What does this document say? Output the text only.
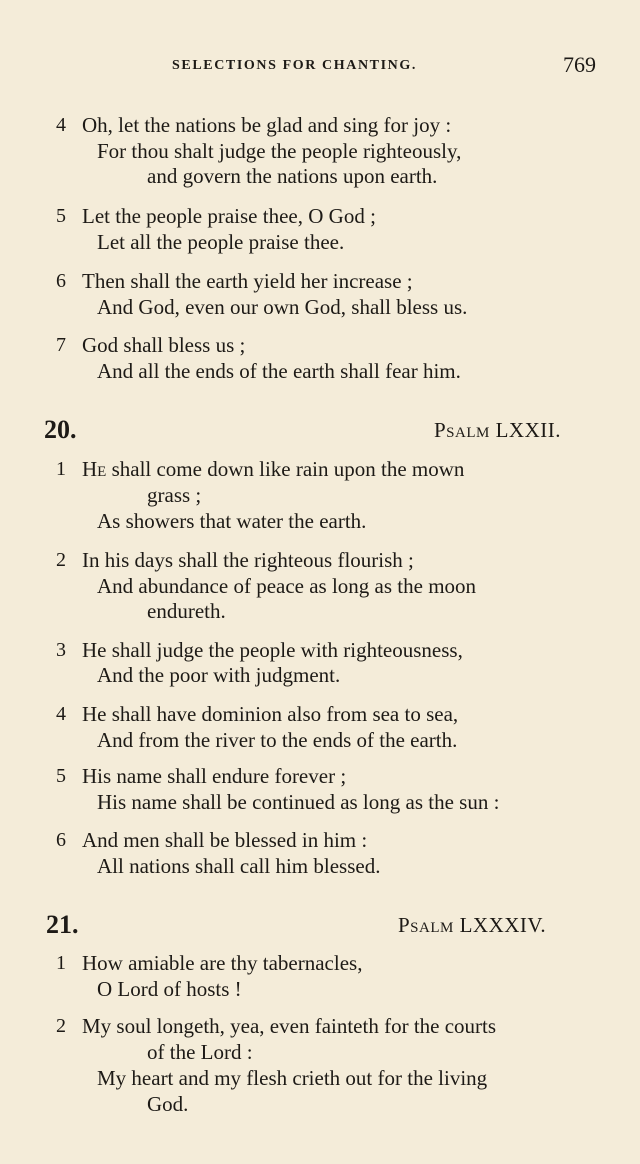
SELECTIONS FOR CHANTING.	769
4 Oh, let the nations be glad and sing for joy :
For thou shalt judge the people righteously,
and govern the nations upon earth.
5 Let the people praise thee, O God ;
Let all the people praise thee.
6 Then shall the earth yield her increase ;
And God, even our own God, shall bless us.
7 God shall bless us ;
And all the ends of the earth shall fear him.
20.	Psalm LXXII.
1 He shall come down like rain upon the mown
grass ;
As showers that water the earth.
2 In his days shall the righteous flourish ;
And abundance of peace as long as the moon
endureth.
3 He shall judge the people with righteousness,
And the poor with judgment.
4 He shall have dominion also from sea to sea,
And from the river to the ends of the earth.
5 His name shall endure forever ;
His name shall be continued as long as the sun :
6 And men shall be blessed in him :
All nations shall call him blessed.
21.	Psalm LXXXIV.
1 How amiable are thy tabernacles,
O Lord of hosts !
2 My soul longeth, yea, even fainteth for the courts
of the Lord :
My heart and my flesh crieth out for the living
God.
